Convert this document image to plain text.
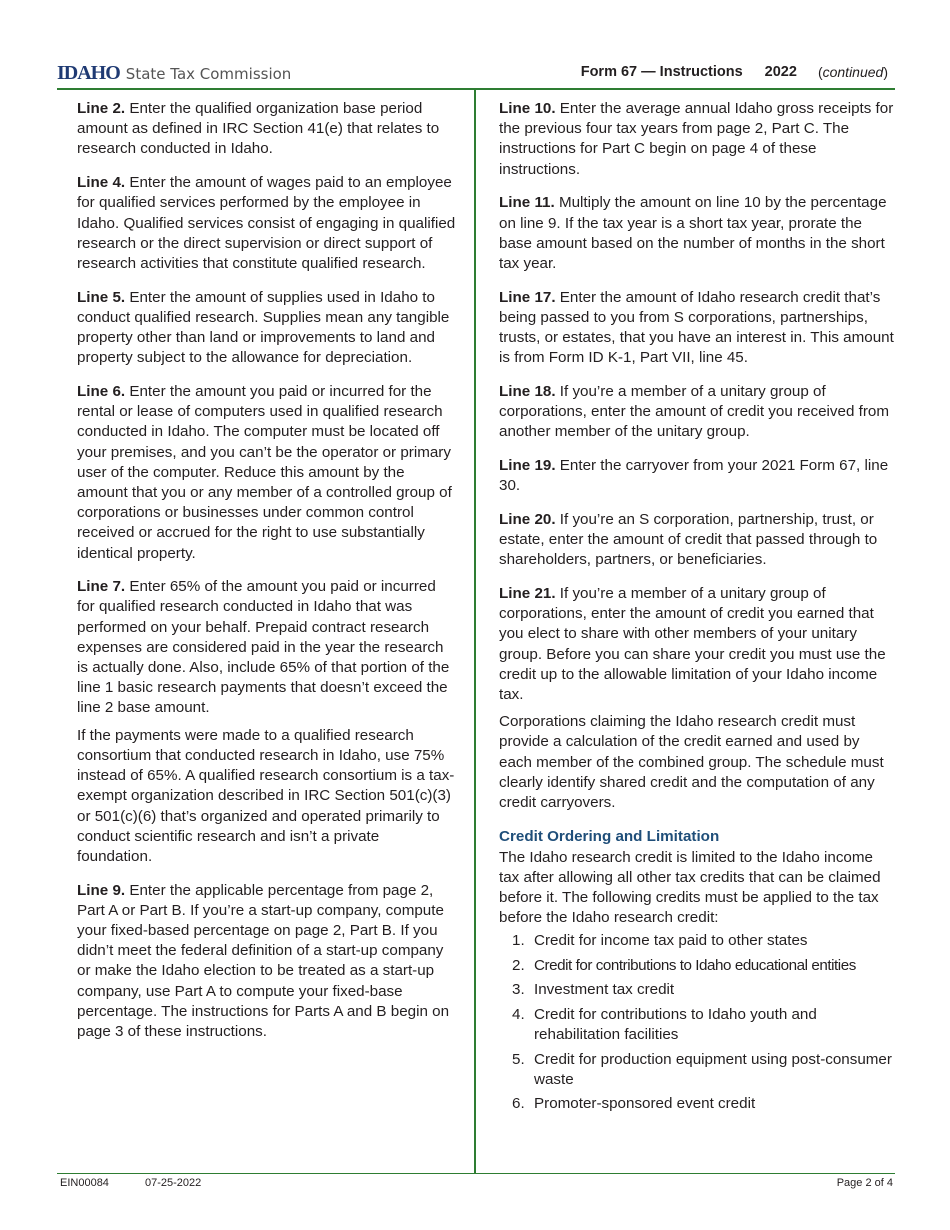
IDAHO State Tax Commission	Form 67 — Instructions 2022
(	continued )

Line 2. Enter the qualified organization base period amount as defined in IRC Section 41(e) that relates to research conducted in Idaho.

Line 4. Enter the amount of wages paid to an employee for qualified services performed by the employee in Idaho. Qualified services consist of engaging in qualified research or the direct supervision or direct support of research activities that constitute qualified research.

Line 5. Enter the amount of supplies used in Idaho to conduct qualified research. Supplies mean any tangible property other than land or improvements to land and property subject to the allowance for depreciation.

Line 6. Enter the amount you paid or incurred for the rental or lease of computers used in qualified research conducted in Idaho. The computer must be located off your premises, and you can’t be the operator or primary user of the computer. Reduce this amount by the amount that you or any member of a controlled group of corporations or businesses under common control received or accrued for the right to use substantially identical property.

Line 7. Enter 65% of the amount you paid or incurred for qualified research conducted in Idaho that was performed on your behalf. Prepaid contract research expenses are considered paid in the year the research is actually done. Also, include 65% of that portion of the line 1 basic research payments that doesn’t exceed the line 2 base amount.

If the payments were made to a qualified research consortium that conducted research in Idaho, use 75% instead of 65%. A qualified research consortium is a tax-exempt organization described in IRC Section 501(c)(3) or 501(c)(6) that’s organized and operated primarily to conduct scientific research and isn’t a private foundation.

Line 9. Enter the applicable percentage from page 2, Part A or Part B. If you’re a start-up company, compute your fixed-based percentage on page 2, Part B. If you didn’t meet the federal definition of a start-up company or make the Idaho election to be treated as a start-up company, use Part A to compute your fixed-base percentage. The instructions for Parts A and B begin on page 3 of these instructions.

Line 10. Enter the average annual Idaho gross receipts for the previous four tax years from page 2, Part C. The instructions for Part C begin on page 4 of these instructions.

Line 11. Multiply the amount on line 10 by the percentage on line 9. If the tax year is a short tax year, prorate the base amount based on the number of months in the short tax year.

Line 17. Enter the amount of Idaho research credit that’s being passed to you from S corporations, partnerships, trusts, or estates, that you have an interest in. This amount is from Form ID K-1, Part VII, line 45.

Line 18. If you’re a member of a unitary group of corporations, enter the amount of credit you received from another member of the unitary group.

Line 19. Enter the carryover from your 2021 Form 67, line 30.

Line 20. If you’re an S corporation, partnership, trust, or estate, enter the amount of credit that passed through to shareholders, partners, or beneficiaries.

Line 21. If you’re a member of a unitary group of corporations, enter the amount of credit you earned that you elect to share with other members of your unitary group. Before you can share your credit you must use the credit up to the allowable limitation of your Idaho income tax.

Corporations claiming the Idaho research credit must provide a calculation of the credit earned and used by each member of the combined group. The schedule must clearly identify shared credit and the computation of any credit carryovers.

Credit Ordering and Limitation

The Idaho research credit is limited to the Idaho income tax after allowing all other tax credits that can be claimed before it. The following credits must be applied to the tax before the Idaho research credit:

1. Credit for income tax paid to other states
2. Credit for contributions to Idaho educational entities
3. Investment tax credit
4. Credit for contributions to Idaho youth and rehabilitation facilities
5. Credit for production equipment using post-consumer waste
6. Promoter-sponsored event credit
EIN00084	07-25-2022	Page 2 of 4
